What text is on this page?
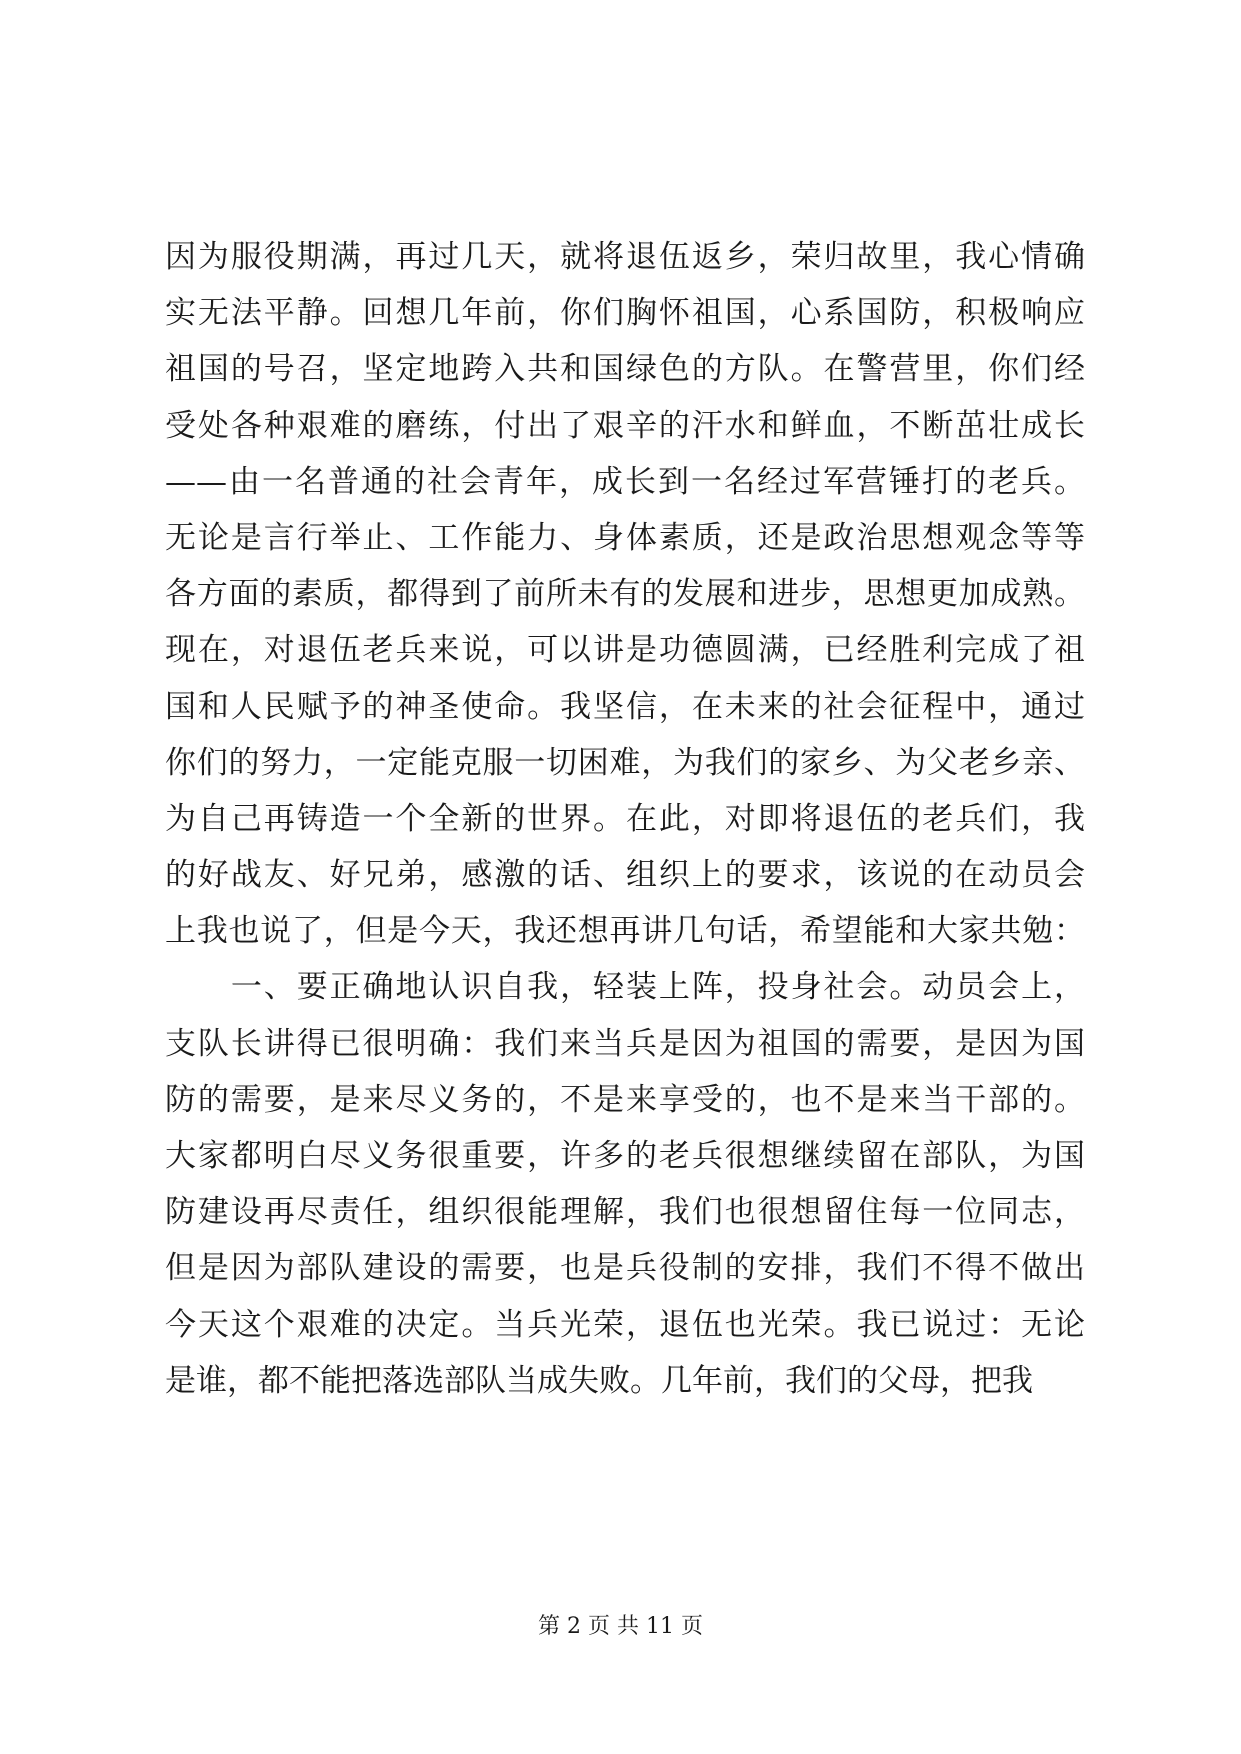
因为服役期满，再过几天，就将退伍返乡，荣归故里，我心情确
实无法平静。回想几年前，你们胸怀祖国，心系国防，积极响应
祖国的号召，坚定地跨入共和国绿色的方队。在警营里，你们经
受处各种艰难的磨练，付出了艰辛的汗水和鲜血，不断茁壮成长
——由一名普通的社会青年，成长到一名经过军营锤打的老兵。
无论是言行举止、工作能力、身体素质，还是政治思想观念等等
各方面的素质，都得到了前所未有的发展和进步，思想更加成熟。
现在，对退伍老兵来说，可以讲是功德圆满，已经胜利完成了祖
国和人民赋予的神圣使命。我坚信，在未来的社会征程中，通过
你们的努力，一定能克服一切困难，为我们的家乡、为父老乡亲、
为自己再铸造一个全新的世界。在此，对即将退伍的老兵们，我
的好战友、好兄弟，感激的话、组织上的要求，该说的在动员会
上我也说了，但是今天，我还想再讲几句话，希望能和大家共勉：
　　一、要正确地认识自我，轻装上阵，投身社会。动员会上，
支队长讲得已很明确：我们来当兵是因为祖国的需要，是因为国
防的需要，是来尽义务的，不是来享受的，也不是来当干部的。
大家都明白尽义务很重要，许多的老兵很想继续留在部队，为国
防建设再尽责任，组织很能理解，我们也很想留住每一位同志，
但是因为部队建设的需要，也是兵役制的安排，我们不得不做出
今天这个艰难的决定。当兵光荣，退伍也光荣。我已说过：无论
是谁，都不能把落选部队当成失败。几年前，我们的父母，把我
第 2 页 共 11 页
